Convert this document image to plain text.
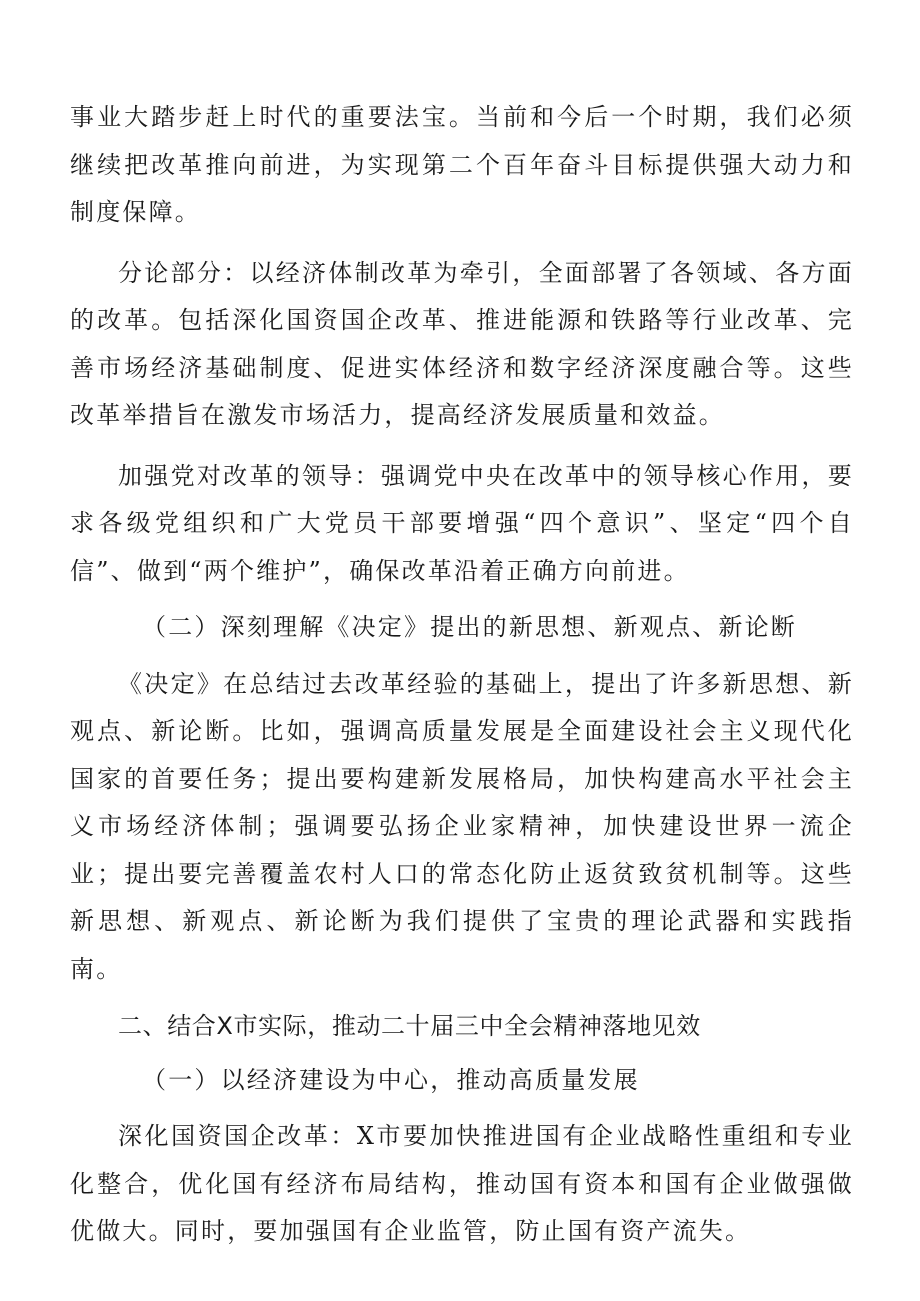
事业大踏步赶上时代的重要法宝。当前和今后一个时期，我们必须继续把改革推向前进，为实现第二个百年奋斗目标提供强大动力和制度保障。

分论部分：以经济体制改革为牵引，全面部署了各领域、各方面的改革。包括深化国资国企改革、推进能源和铁路等行业改革、完善市场经济基础制度、促进实体经济和数字经济深度融合等。这些改革举措旨在激发市场活力，提高经济发展质量和效益。

加强党对改革的领导：强调党中央在改革中的领导核心作用，要求各级党组织和广大党员干部要增强“四个意识”、坚定“四个自信”、做到“两个维护”，确保改革沿着正确方向前进。

（二）深刻理解《决定》提出的新思想、新观点、新论断

《决定》在总结过去改革经验的基础上，提出了许多新思想、新观点、新论断。比如，强调高质量发展是全面建设社会主义现代化国家的首要任务；提出要构建新发展格局，加快构建高水平社会主义市场经济体制；强调要弘扬企业家精神，加快建设世界一流企业；提出要完善覆盖农村人口的常态化防止返贫致贫机制等。这些新思想、新观点、新论断为我们提供了宝贵的理论武器和实践指南。

二、结合X市实际，推动二十届三中全会精神落地见效

（一）以经济建设为中心，推动高质量发展

深化国资国企改革：X市要加快推进国有企业战略性重组和专业化整合，优化国有经济布局结构，推动国有资本和国有企业做强做优做大。同时，要加强国有企业监管，防止国有资产流失。
